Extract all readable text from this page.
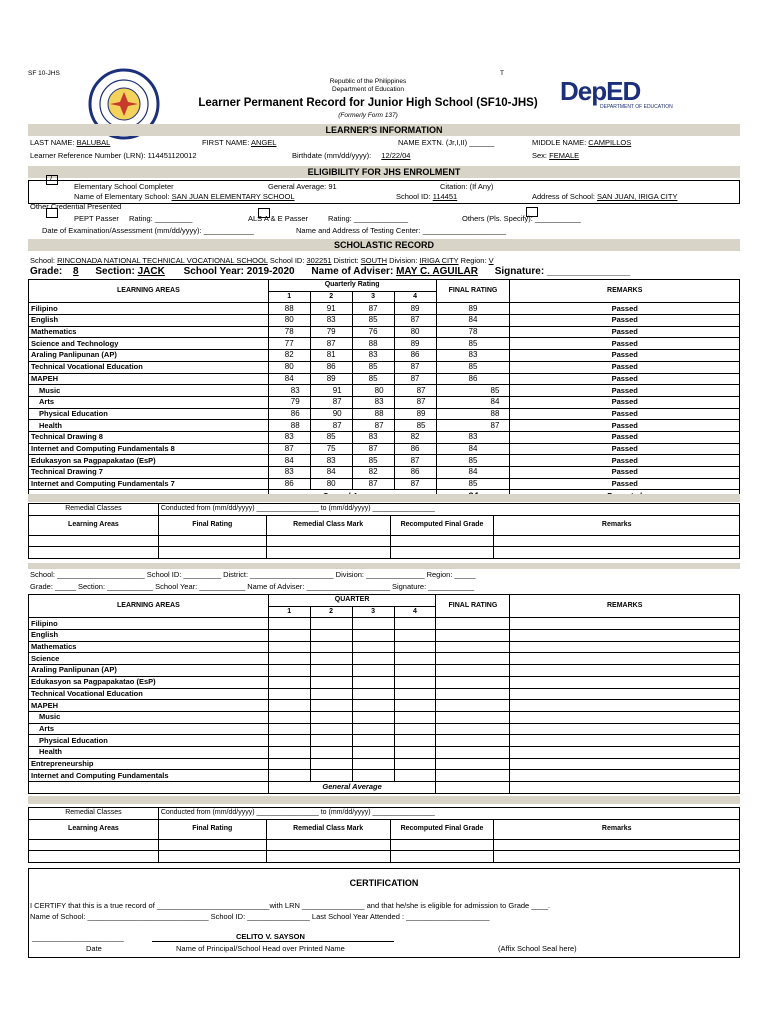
SF 10-JHS	T
Republic of the Philippines
Department of Education
Learner Permanent Record for Junior High School (SF10-JHS)
(Formerly Form 137)
DepED
DEPARTMENT OF EDUCATION
LEARNER'S INFORMATION
LAST NAME: BALUBAL	FIRST NAME: ANGEL	NAME EXTN. (Jr,I,II) ______	MIDDLE NAME: CAMPILLOS
Learner Reference Number (LRN): 114451120012	Birthdate (mm/dd/yyyy): 12/22/04	Sex: FEMALE
ELIGIBILITY FOR JHS ENROLMENT
/
Elementary School Completer	General Average: 91	Citation: (If Any)
Name of Elementary School: SAN JUAN ELEMENTARY SCHOOL	School ID: 114451	Address of School: SAN JUAN, IRIGA CITY
Other Credential Presented
PEPT Passer Rating: _________	ALS A & E Passer	Rating: _____________	Others (Pls. Specify): ___________
Date of Examination/Assessment (mm/dd/yyyy): ____________	Name and Address of Testing Center: ____________________
SCHOLASTIC RECORD
School: RINCONADA NATIONAL TECHNICAL VOCATIONAL SCHOOL School ID: 302251 District: SOUTH Division: IRIGA CITY Region: V
Grade: 8 Section: JACK School Year: 2019-2020 Name of Adviser: MAY C. AGUILAR Signature: _______________
LEARNING AREAS	Quarterly Rating				FINAL RATING	REMARKS
	1	2	3	4		
Filipino	88	91	87	89	89	Passed
English	80	83	85	87	84	Passed
Mathematics	78	79	76	80	78	Passed
Science and Technology	77	87	88	89	85	Passed
Araling Panlipunan (AP)	82	81	83	86	83	Passed
Technical Vocational Education	80	86	85	87	85	Passed
MAPEH	84	89	85	87	86	Passed
Music	83	91	80	87	85	Passed
Arts	79	87	83	87	84	Passed
Physical Education	86	90	88	89	88	Passed
Health	88	87	87	85	87	Passed
Technical Drawing 8	83	85	83	82	83	Passed
Internet and Computing Fundamentals 8	87	75	87	86	84	Passed
Edukasyon sa Pagpapakatao (EsP)	84	83	85	87	85	Passed
Technical Drawing 7	83	84	82	86	84	Passed
Internet and Computing Fundamentals 7	86	80	87	87	85	Passed

Remedial Classes	Conducted from (mm/dd/yyyy) ________________ to (mm/dd/yyyy) ________________			
Learning Areas	Final Rating	Remedial Class Mark	Recomputed Final Grade	Remarks

School: _____________________ School ID: _________ District: ____________________ Division: ______________ Region: _____
Grade: _____ Section: ___________ School Year: ___________ Name of Adviser: ____________________ Signature: ___________
LEARNING AREAS	QUARTER				FINAL RATING	REMARKS
	1	2	3	4		
Filipino						
English						
Mathematics						
Science						
Araling Panlipunan (AP)						
Edukasyon sa Pagpapakatao (EsP)						
Technical Vocational Education						
MAPEH						
Music						
Arts						
Physical Education						
Health						
Entrepreneurship						
Internet and Computing Fundamentals						
	General Average					
Remedial Classes	Conducted from (mm/dd/yyyy) ________________ to (mm/dd/yyyy) ________________			
Learning Areas	Final Rating	Remedial Class Mark	Recomputed Final Grade	Remarks

CERTIFICATION
I CERTIFY that this is a true record of ___________________________with LRN _______________ and that he/she is eligible for admission to Grade ____.
Name of School: _____________________________ School ID: _______________ Last School Year Attended : ____________________
______________________	CELITO V. SAYSON
Date	Name of Principal/School Head over Printed Name	(Affix School Seal here)
